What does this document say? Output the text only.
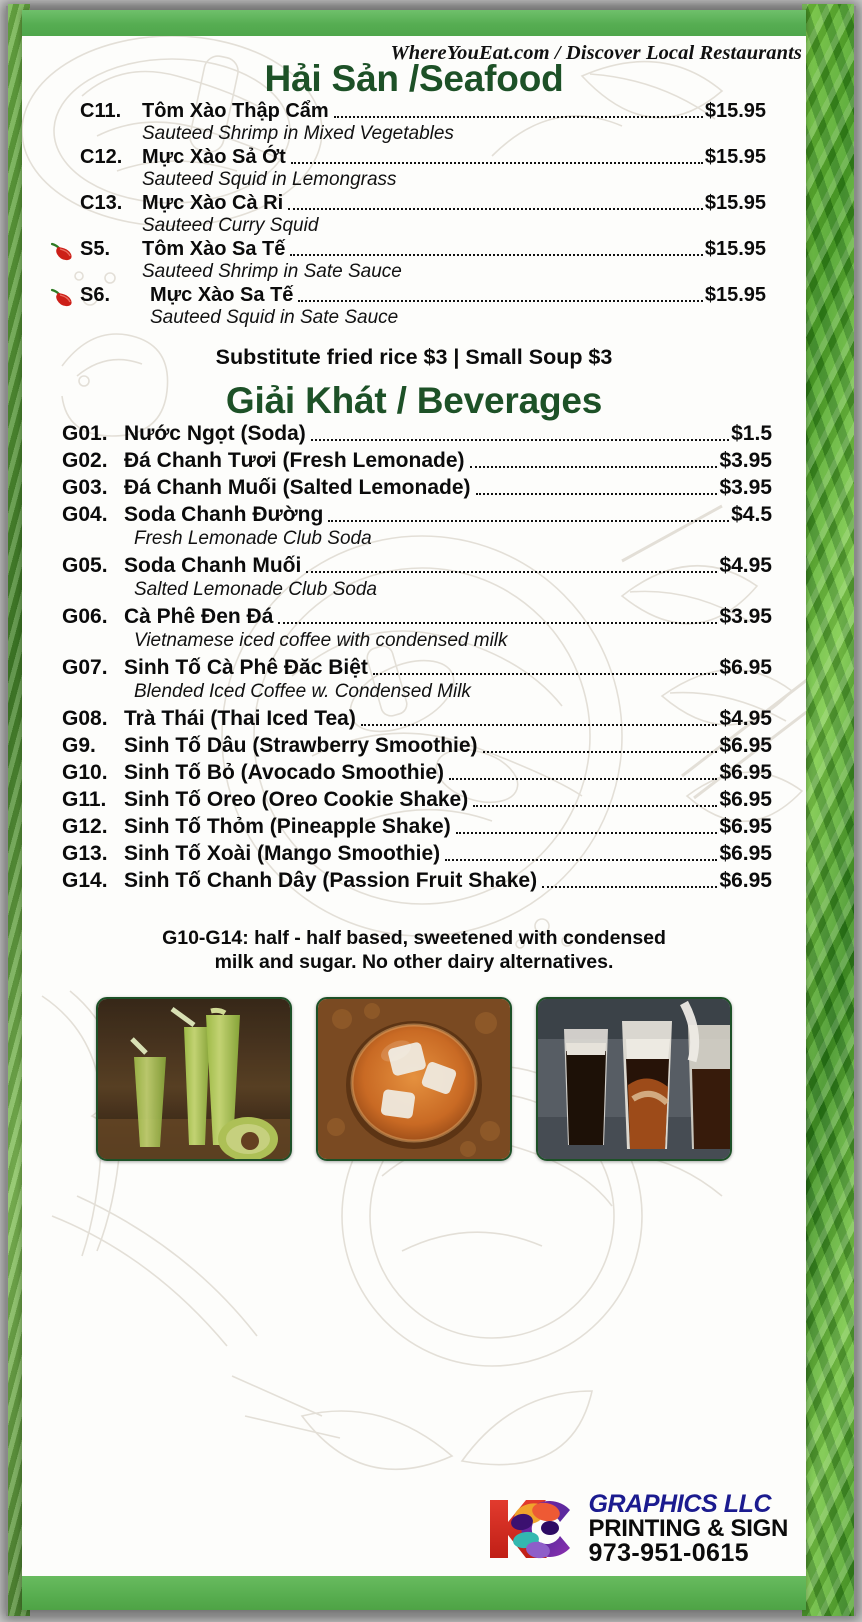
WhereYouEat.com / Discover Local Restaurants
Hải Sản /Seafood
C11.	Tôm Xào Thập Cẩm	$15.95
Sauteed Shrimp in Mixed Vegetables
C12. Mực Xào Sả Ớt	$15.95
Sauteed Squid in Lemongrass
C13. Mực Xào Cà Ri	$15.95
Sauteed Curry Squid
S5.	Tôm Xào Sa Tế	$15.95
Sauteed Shrimp in Sate Sauce
S6.	Mực Xào Sa Tế	$15.95
Sauteed Squid in Sate Sauce
Substitute fried rice $3 | Small Soup $3
Giải Khát / Beverages
G01. Nước Ngọt (Soda)	$1.5
G02. Đá Chanh Tươi (Fresh Lemonade)	$3.95
G03. Đá Chanh Muối (Salted Lemonade)	$3.95
G04. Soda Chanh Đường	$4.5
Fresh Lemonade Club Soda
G05. Soda Chanh Muối	$4.95
Salted Lemonade Club Soda
G06. Cà Phê Đen Đá	$3.95
Vietnamese iced coffee with condensed milk
G07. Sinh Tố Cà Phê Đăc Biệt	$6.95
Blended Iced Coffee w. Condensed Milk
G08. Trà Thái (Thai Iced Tea)	$4.95
G9.	Sinh Tố Dâu (Strawberry Smoothie)	$6.95
G10. Sinh Tố Bỏ (Avocado Smoothie)	$6.95
G11. Sinh Tố Oreo (Oreo Cookie Shake)	$6.95
G12. Sinh Tố Thỏm (Pineapple Shake)	$6.95
G13. Sinh Tố Xoài (Mango Smoothie)	$6.95
G14. Sinh Tố Chanh Dây (Passion Fruit Shake)	$6.95
G10-G14: half - half based, sweetened with condensed
milk and sugar. No other dairy alternatives.
GRAPHICS LLC
PRINTING & SIGN
973-951-0615
